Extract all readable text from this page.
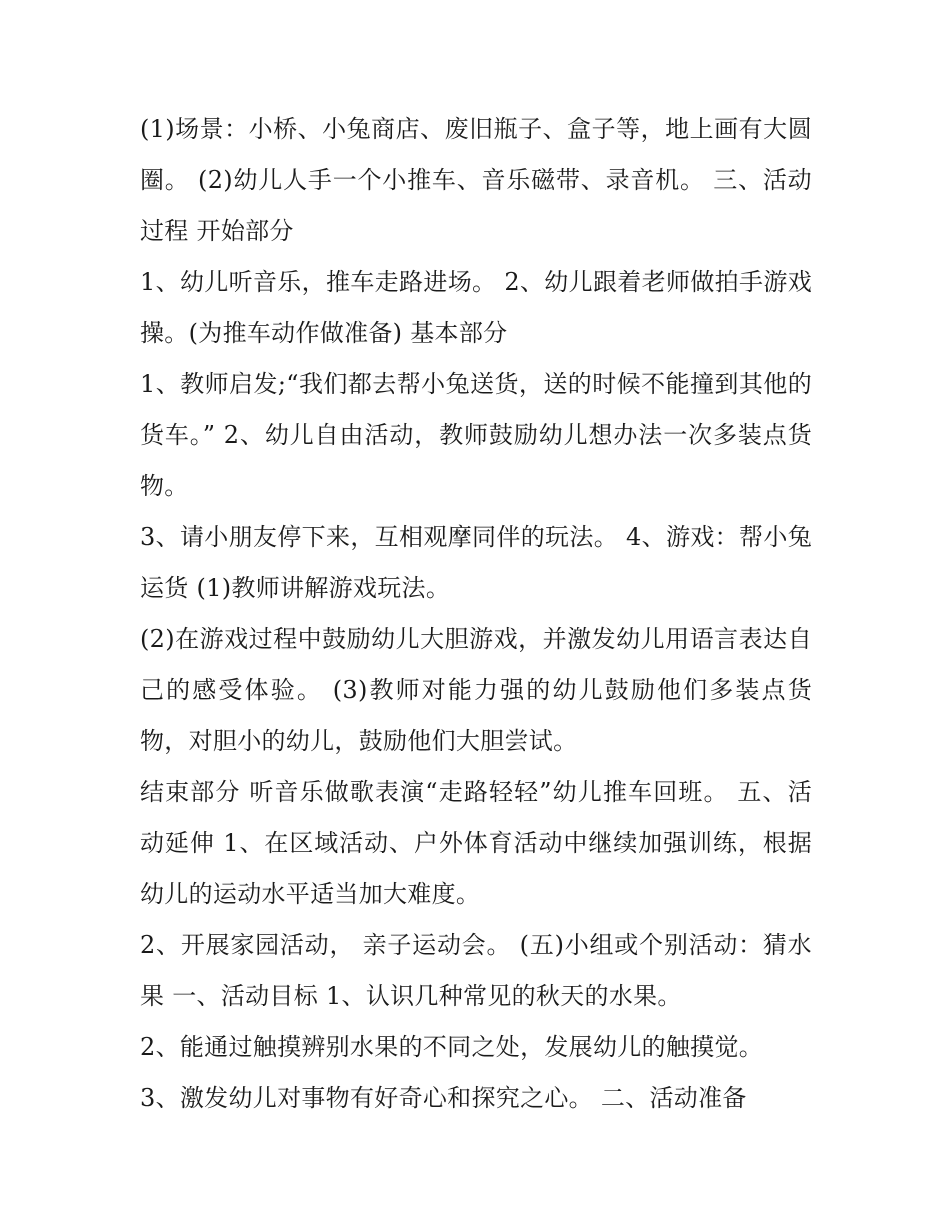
(1)场景：小桥、小兔商店、废旧瓶子、盒子等，地上画有大圆圈。 (2)幼儿人手一个小推车、音乐磁带、录音机。 三、活动过程 开始部分

1、幼儿听音乐，推车走路进场。 2、幼儿跟着老师做拍手游戏操。(为推车动作做准备) 基本部分

1、教师启发;“我们都去帮小兔送货，送的时候不能撞到其他的货车。” 2、幼儿自由活动，教师鼓励幼儿想办法一次多装点货物。

3、请小朋友停下来，互相观摩同伴的玩法。 4、游戏：帮小兔运货 (1)教师讲解游戏玩法。

(2)在游戏过程中鼓励幼儿大胆游戏，并激发幼儿用语言表达自己的感受体验。 (3)教师对能力强的幼儿鼓励他们多装点货物，对胆小的幼儿，鼓励他们大胆尝试。

结束部分 听音乐做歌表演“走路轻轻”幼儿推车回班。 五、活动延伸 1、在区域活动、户外体育活动中继续加强训练，根据幼儿的运动水平适当加大难度。

2、开展家园活动， 亲子运动会。 (五)小组或个别活动：猜水果 一、活动目标 1、认识几种常见的秋天的水果。

2、能通过触摸辨别水果的不同之处，发展幼儿的触摸觉。

3、激发幼儿对事物有好奇心和探究之心。 二、活动准备
